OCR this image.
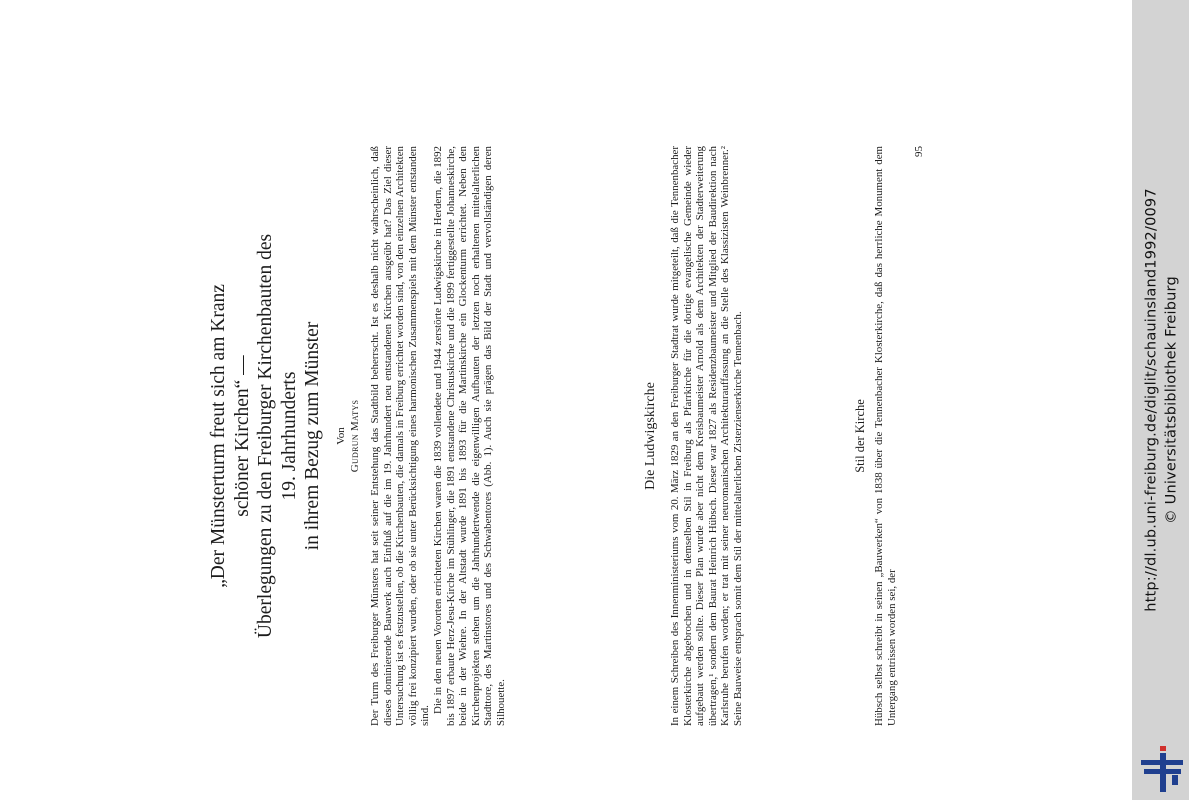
http://dl.ub.uni-freiburg.de/diglit/schauinsland1992/0097 © Universitätsbibliothek Freiburg
„Der Münsterturm freut sich am Kranz schöner Kirchen“ — Überlegungen zu den Freiburger Kirchenbauten des 19. Jahrhunderts in ihrem Bezug zum Münster Von Gudrun Matys Der Turm des Freiburger Münsters hat seit seiner Entstehung das Stadtbild beherrscht. Ist es deshalb nicht wahrscheinlich, daß dieses dominierende Bauwerk auch Einfluß auf die im 19. Jahrhundert neu entstandenen Kirchen ausgeübt hat? Das Ziel dieser Untersuchung ist es festzustellen, ob die Kirchenbauten, die damals in Freiburg errichtet worden sind, von den einzelnen Architekten völlig frei konzipiert wurden, oder ob sie unter Berücksichtigung eines harmonischen Zusammenspiels mit dem Münster entstanden sind.

Die in den neuen Vororten errichteten Kirchen waren die 1839 vollendete und 1944 zerstörte Ludwigskirche in Herdern, die 1892 bis 1897 erbaute Herz-Jesu-Kirche im Stühlinger, die 1891 entstandene Christuskirche und die 1899 fertiggestellte Johanneskirche, beide in der Wiehre. In der Altstadt wurde 1891 bis 1893 für die Martinskirche ein Glockenturm errichtet. Neben den Kirchenprojekten stehen um die Jahrhundertwende die eigenwilligen Aufbauten der letzten noch erhaltenen mittelalterlichen Stadttore, des Martinstores und des Schwabentores (Abb. 1). Auch sie prägen das Bild der Stadt und vervollständigen deren Silhouette.

Die Ludwigskirche In einem Schreiben des Innenministeriums vom 20. März 1829 an den Freiburger Stadtrat wurde mitgeteilt, daß die Tennenbacher Klosterkirche abgebrochen und in demselben Stil in Freiburg als Pfarrkirche für die dortige evangelische Gemeinde wieder aufgebaut werden sollte. Dieser Plan wurde aber nicht dem Kreisbaumeister Arnold als dem Architekten der Stadterweiterung übertragen,¹ sondern dem Baurat Heinrich Hübsch. Dieser war 1827 als Residenzbaumeister und Mitglied der Baudirektion nach Karlsruhe berufen worden; er trat mit seiner neuromanischen Architekturauffassung an die Stelle des Klassizisten Weinbrenner.² Seine Bauweise entsprach somit dem Stil der mittelalterlichen Zisterzienserkirche Tennenbach.	Stil der Kirche Hübsch selbst schreibt in seinen „Bauwerken“ von 1838 über die Tennenbacher Klosterkirche, daß das herrliche Monument dem Untergang entrissen worden sei, der

95
